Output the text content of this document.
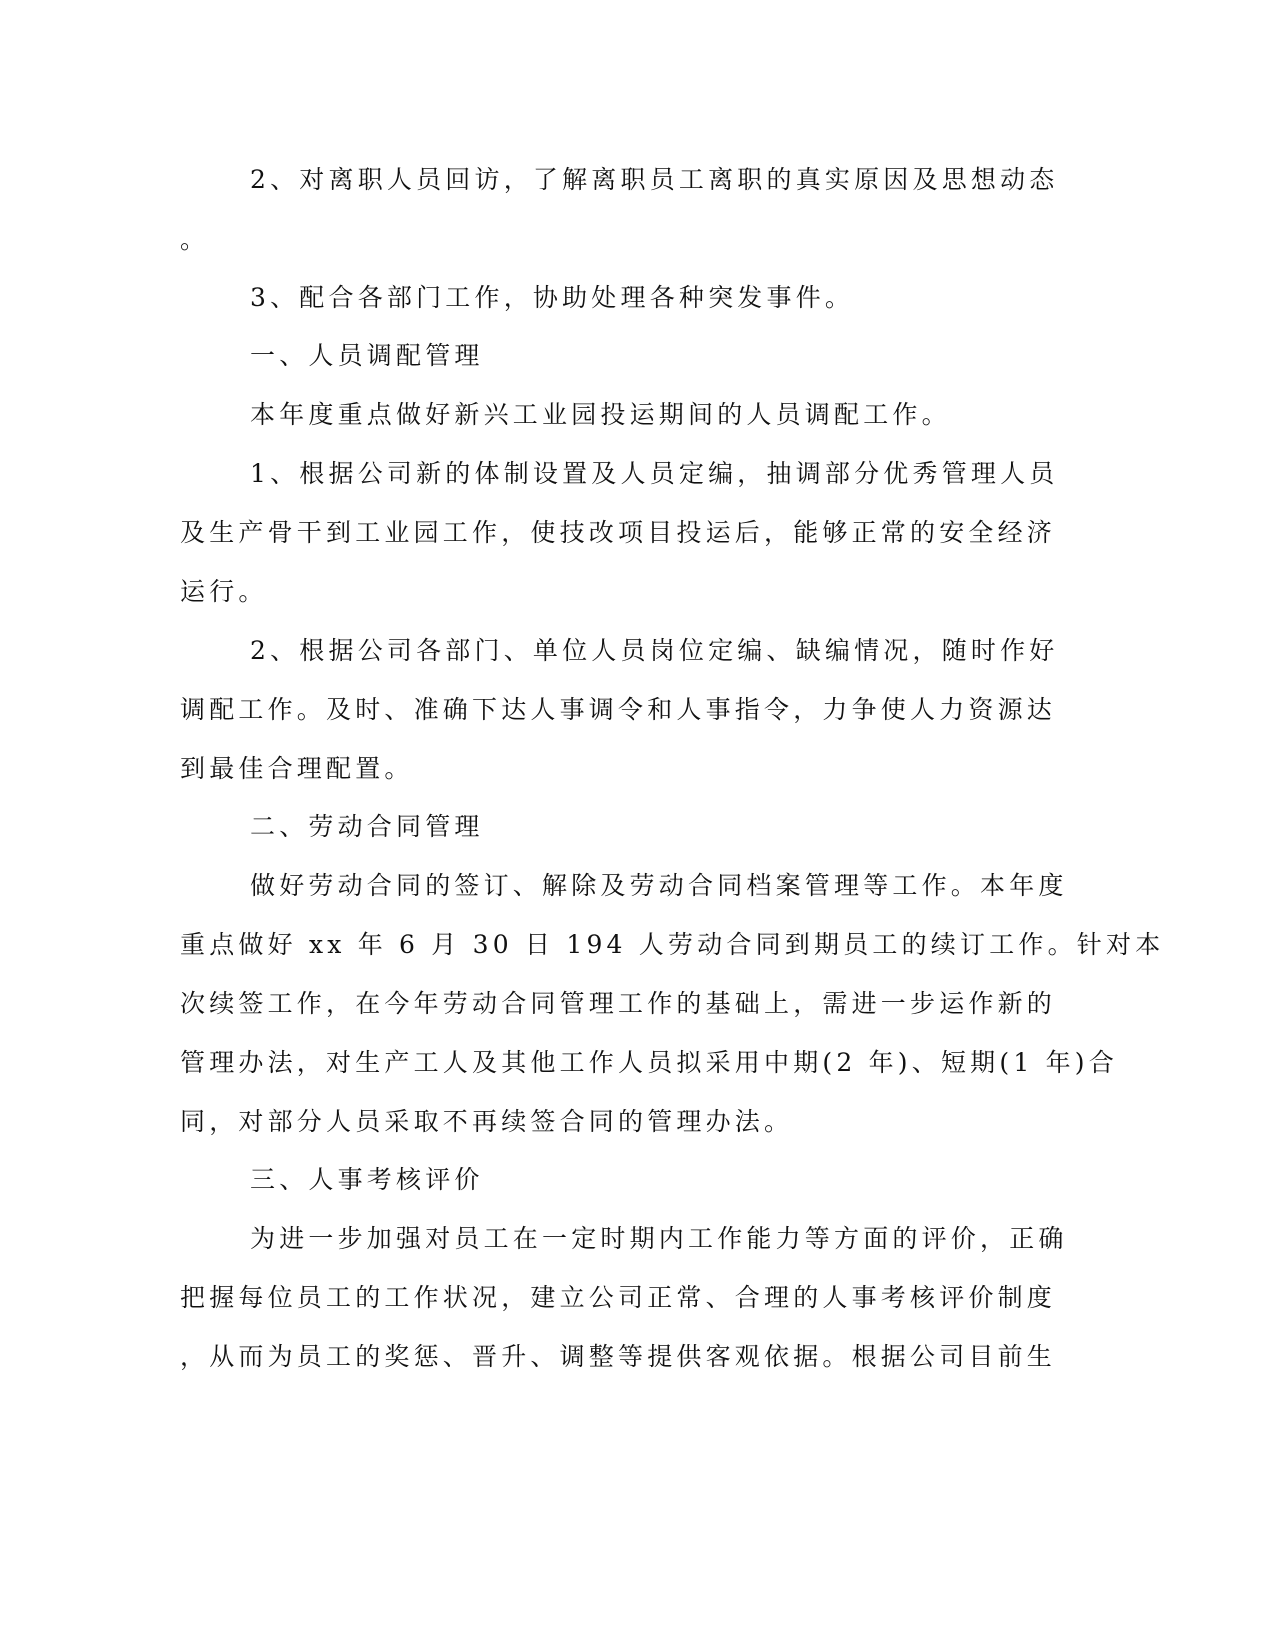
2、对离职人员回访，了解离职员工离职的真实原因及思想动态

。

3、配合各部门工作，协助处理各种突发事件。

一、人员调配管理

本年度重点做好新兴工业园投运期间的人员调配工作。

1、根据公司新的体制设置及人员定编，抽调部分优秀管理人员

及生产骨干到工业园工作，使技改项目投运后，能够正常的安全经济

运行。

2、根据公司各部门、单位人员岗位定编、缺编情况，随时作好

调配工作。及时、准确下达人事调令和人事指令，力争使人力资源达

到最佳合理配置。

二、劳动合同管理

做好劳动合同的签订、解除及劳动合同档案管理等工作。本年度

重点做好 xx 年 6 月 30 日 194 人劳动合同到期员工的续订工作。针对本

次续签工作，在今年劳动合同管理工作的基础上，需进一步运作新的

管理办法，对生产工人及其他工作人员拟采用中期(2 年)、短期(1 年)合

同，对部分人员采取不再续签合同的管理办法。

三、人事考核评价

为进一步加强对员工在一定时期内工作能力等方面的评价，正确

把握每位员工的工作状况，建立公司正常、合理的人事考核评价制度

，从而为员工的奖惩、晋升、调整等提供客观依据。根据公司目前生
